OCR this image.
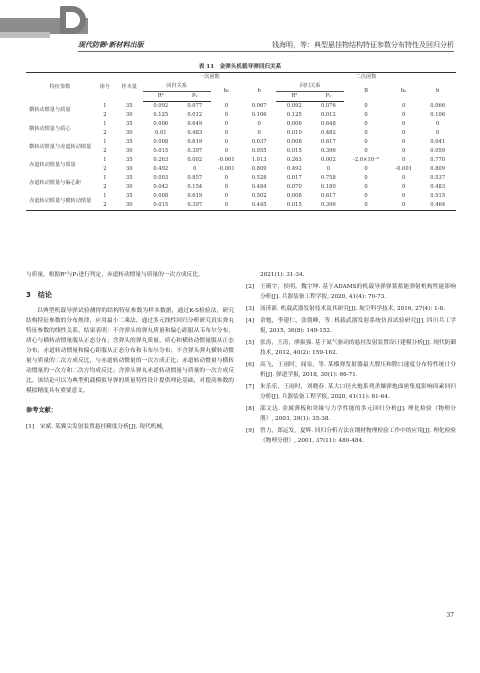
现代防御·新材料出版	钱海明，等：典型悬挂物结构特征参数分布特性及回归分析
表 11　金弹头机载导弹回归关系
特征参数	组号	样本量	一次函数				二次函数				
			回归关系		b₀	b	回归关系		B	b₀	b
			R²	P₁			R²	P₁			
横转动惯量与质量	1	35	0.092	0.077	0	0.067	0.092	0.076	0	0	0.066
	2	30	0.125	0.012	0	0.106	0.125	0.012	0	0	0.106
横转动惯量与质心	1	35	0.006	0.649	0	0	0.006	0.648	0	0	0
	2	30	0.01	0.483	0	0	0.010	0.482	0	0	0
横转动惯量与赤道转动惯量	1	35	0.008	0.619	0	0.037	0.008	0.617	0	0	0.041
	2	30	0.015	0.397	0	0.055	0.015	0.396	0	0	0.059
赤道转动惯量与质量	1	35	0.263	0.002	-0.001	1.013	0.263	0.002	-2.0×10⁻⁶	0	0.770
	2	30	0.492	0	-0.001	0.809	0.492	0	0	-0.001	0.809
赤道转动惯量与偏心距	1	35	0.003	0.857	0	0.528	0.017	0.758	0	0	0.537
	2	30	0.042	0.154	0	0.484	0.070	0.180	0	0	0.483
赤道转动惯量与横转动惯量	1	35	0.008	0.619	0	0.502	0.008	0.617	0	0	0.515
	2	30	0.015	0.397	0	0.445	0.015	0.396	0	0	0.464

与质量，根据R²与P₁进行判定，赤道转动惯量与质量的一次方成反比。

3　结论

以典型机载导弹试验测得的结构特征参数为样本数据，通过K-S检验法，研究结构特征参数的分布规律，应用最小二乘法，通过多元线性回归分析研究真实弹丸特征参数的线性关系。结果表明：不含弹头的弹丸质量和偏心距服从韦布尔分布，质心与横转动惯量服从正态分布；含弹头的弹丸质量、质心和横转动惯量服从正态分布，赤道转动惯量和偏心距服从正态分布和韦布尔分布；不含弹头弹丸横转动惯量与质量的二次方成反比，与赤道转动惯量的一次方成正比；赤道转动惯量与横转动惯量的一次方和二次方均成反比；含弹头弹丸赤道转动惯量与质量的一次方成反比。该结论可以为典型机载模拟导弹的质量特性设计提供理论基础，对提高参数的模拟精度具有重要意义。

参考文献：
[1]	宋斌. 某翼尖发射装置悬挂精度分析[J]. 现代机械,
2021(1): 31-34.
[2]	王殿宇，侯明，魏宇坤. 基于ADAMS的机载导弹弹簧蓄能弹射机构性能影响分析[J]. 兵器装备工程学报, 2020, 41(4): 70-73.
[3]	汤济新. 机载武器发射技术及其研究[J]. 航空科学技术, 2016, 27(4): 1-8.
[4]	余勉，李建仁，张朝峰，等. 机载武器发射系统仿真试验研究[J]. 四川兵工学报, 2015, 36(8): 149-152.
[5]	张涛，王涛，廖振强. 基于氮气驱动的悬挂发射装置设计建模分析[J]. 现代防御技术, 2012, 40(2): 159-162.
[6]	高飞，王雨时，闻泉，等. 某榴弹发射器最大膛压和膛口速度分布特性统计分析[J]. 弹道学报, 2018, 30(1): 66-71.
[7]	朱乐乐，王雨时，刘晓春. 某大口径火炮系列杀爆弹炮面密集度影响因素回归分析[J]. 兵器装备工程学报, 2020, 41(11): 61-64.
[8]	邵文达. 金属薄板和突缘与力学性能的多元回归分析[J]. 理化检验（物理分册）, 2003, 39(1): 35-38.
[9]	曾力，郑运发，夏辉. 回归分析方法在钢材物理检验工作中的应用[J]. 理化检验（物理分册）, 2001, 37(11): 480-484.
37
